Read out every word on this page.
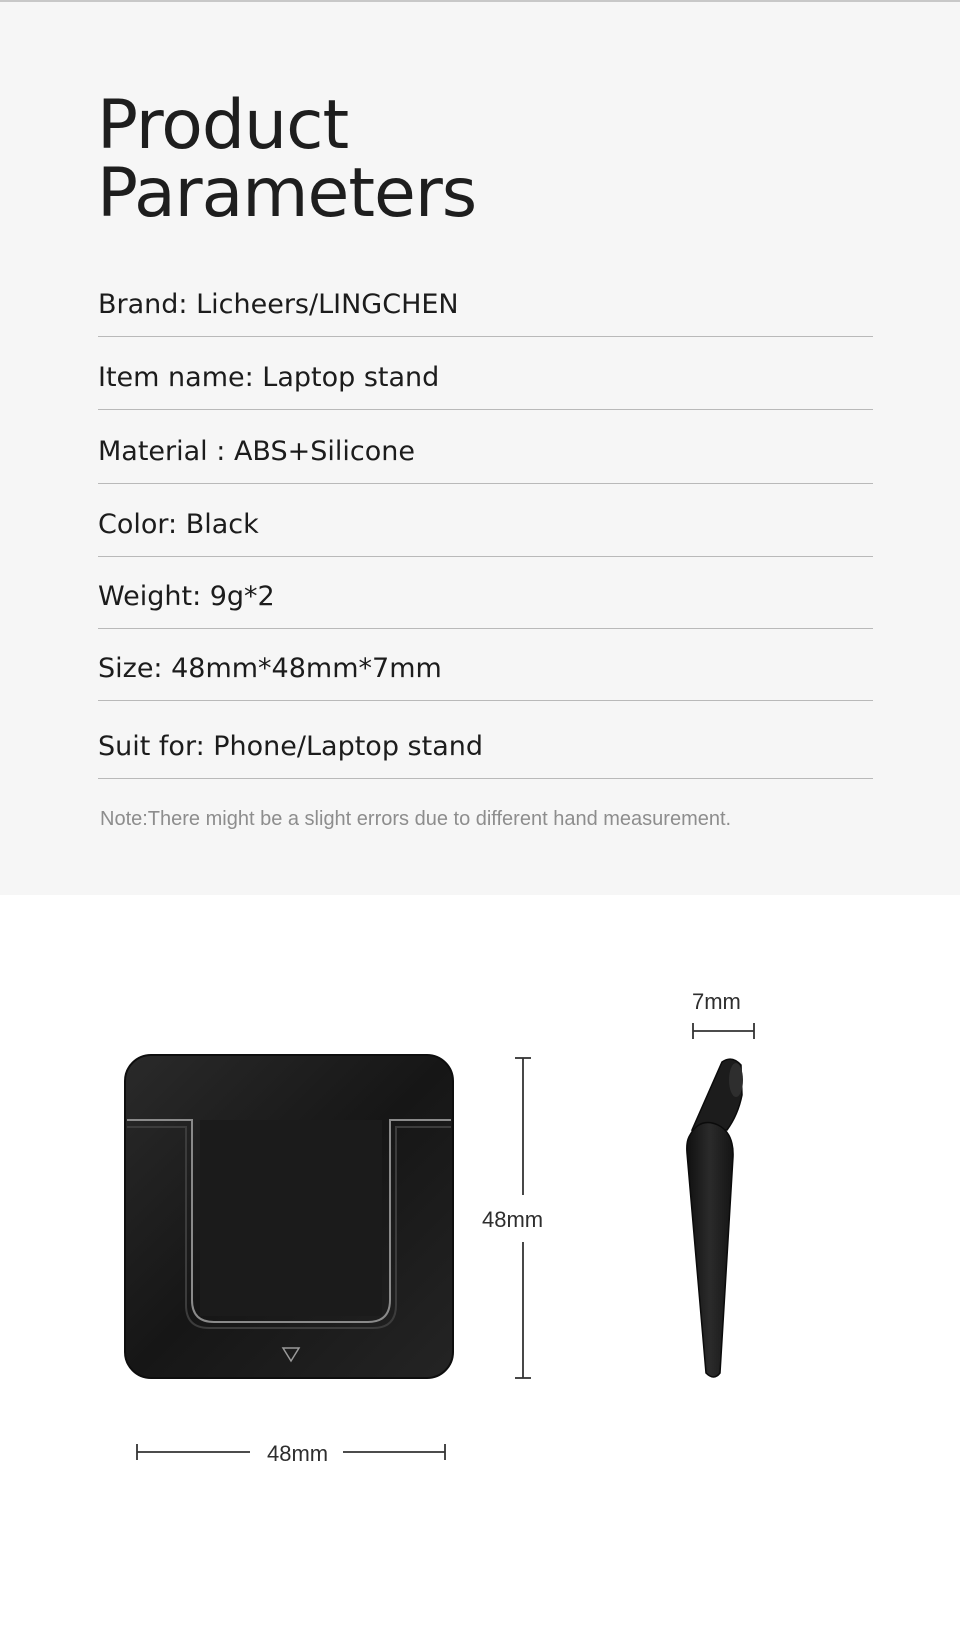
Product
Parameters
Brand: Licheers/LINGCHEN
Item name: Laptop stand
Material : ABS+Silicone
Color: Black
Weight: 9g*2
Size: 48mm*48mm*7mm
Suit for: Phone/Laptop stand
Note:There might be a slight errors due to different hand measurement.
48mm
48mm
7mm
